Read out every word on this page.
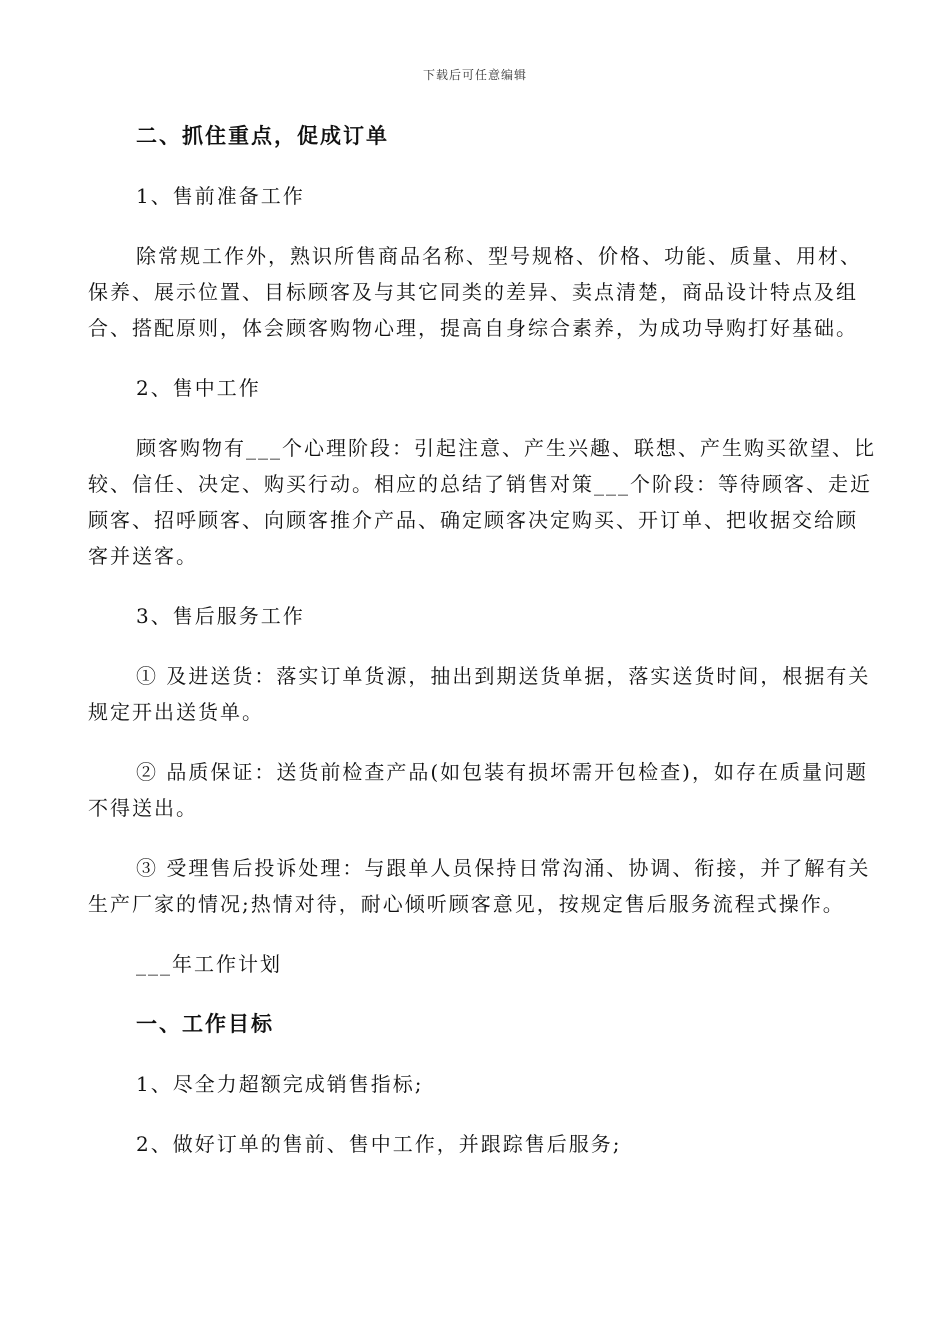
下载后可任意编辑
二、抓住重点，促成订单
1、售前准备工作

除常规工作外，熟识所售商品名称、型号规格、价格、功能、质量、用材、保养、展示位置、目标顾客及与其它同类的差异、卖点清楚，商品设计特点及组合、搭配原则，体会顾客购物心理，提高自身综合素养，为成功导购打好基础。

2、售中工作

顾客购物有___个心理阶段：引起注意、产生兴趣、联想、产生购买欲望、比较、信任、决定、购买行动。相应的总结了销售对策___个阶段：等待顾客、走近顾客、招呼顾客、向顾客推介产品、确定顾客决定购买、开订单、把收据交给顾客并送客。

3、售后服务工作

① 及进送货：落实订单货源，抽出到期送货单据，落实送货时间，根据有关规定开出送货单。

② 品质保证：送货前检查产品(如包装有损坏需开包检查)，如存在质量问题不得送出。

③ 受理售后投诉处理：与跟单人员保持日常沟涌、协调、衔接，并了解有关生产厂家的情况;热情对待，耐心倾听顾客意见，按规定售后服务流程式操作。

___年工作计划
一、工作目标
1、尽全力超额完成销售指标;
2、做好订单的售前、售中工作，并跟踪售后服务;
